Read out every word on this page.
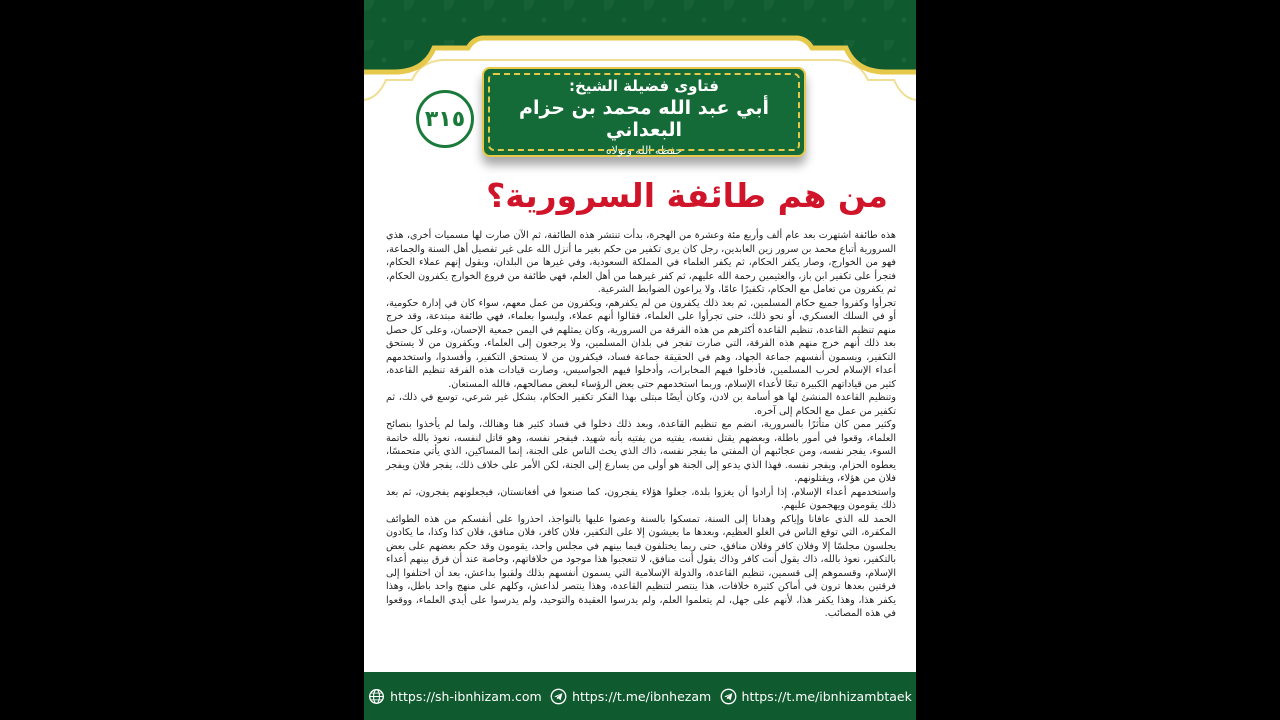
فتاوى فضيلة الشيخ:
أبي عبد الله محمد بن حزام البعداني
حفظه الله وتولاه
٣١٥
من هم طائفة السرورية؟

هذه طائفة اشتهرت بعد عام ألف وأربع مئة وعشرة من الهجرة، بدأت تنتشر هذه الطائفة، ثم الآن صارت لها مسميات أخرى، هذي السرورية أتباع محمد بن سرور زين العابدين، رجل كان يرى تكفير من حكم بغير ما أنزل الله على غير تفصيل أهل السنة والجماعة، فهو من الخوارج، وصار يكفر الحكام، ثم يكفر العلماء في المملكة السعودية، وفي غيرها من البلدان، ويقول إنهم عملاء الحكام، فتجرأ على تكفير ابن باز، والعثيمين رحمة الله عليهم، ثم كفر غيرهما من أهل العلم، فهي طائفة من فروع الخوارج يكفرون الحكام، ثم يكفرون من تعامل مع الحكام، تكفيرًا عامًا، ولا يراعون الضوابط الشرعية.

تجرأوا وكفروا جميع حكام المسلمين، ثم بعد ذلك يكفرون من لم يكفرهم، ويكفرون من عمل معهم، سواء كان في إدارة حكومية، أو في السلك العسكري، أو نحو ذلك، حتى تجرأوا على العلماء، فقالوا أنهم عملاء، وليسوا بعلماء، فهي طائفة مبتدعة، وقد خرج منهم تنظيم القاعدة، تنظيم القاعدة أكثرهم من هذه الفرقة من السرورية، وكان يمثلهم في اليمن جمعية الإحسان، وعلى كل حصل بعد ذلك أنهم خرج منهم هذه الفرقة، التي صارت تفجر في بلدان المسلمين، ولا يرجعون إلى العلماء، ويكفرون من لا يستحق التكفير، ويسمون أنفسهم جماعة الجهاد، وهم في الحقيقة جماعة فساد، فيكفرون من لا يستحق التكفير، وأفسدوا، واستخدمهم أعداء الإسلام لحرب المسلمين، فأدخلوا فيهم المخابرات، وأدخلوا فيهم الجواسيس، وصارت قيادات هذه الفرقة تنظيم القاعدة، كثير من قياداتهم الكبيرة تبعًا لأعداء الإسلام، وربما استخدمهم حتى بعض الرؤساء لبعض مصالحهم، فالله المستعان.

وتنظيم القاعدة المنشئ لها هو أسامة بن لادن، وكان أيضًا مبتلى بهذا الفكر تكفير الحكام، بشكل غير شرعي، توسع في ذلك، ثم تكفير من عمل مع الحكام إلى آخره.

وكثير ممن كان متأثرًا بالسرورية، انضم مع تنظيم القاعدة، وبعد ذلك دخلوا في فساد كثير هنا وهنالك، ولما لم يأخذوا بنصائح العلماء، وقعوا في أمور باطلة، وبعضهم يقتل نفسه، يفتيه من يفتيه بأنه شهيد. فيفجر نفسه، وهو قاتل لنفسه، نعوذ بالله خاتمة السوء، يفجر نفسه، ومن عجائبهم أن المفتي ما يفجر نفسه، ذاك الذي يحث الناس على الجنة، إنما المساكين، الذي يأتي متحمسًا، يعطوه الحزام، ويفجر نفسه. فهذا الذي يدعو إلى الجنة هو أولى من يسارع إلى الجنة، لكن الأمر على خلاف ذلك، يفجر فلان ويفجر فلان من هؤلاء، ويقتلونهم.

واستخدمهم أعداء الإسلام، إذا أرادوا أن يغزوا بلدة، جعلوا هؤلاء يفجرون، كما صنعوا في أفغانستان، فيجعلونهم يفجرون، ثم بعد ذلك يقومون ويهجمون عليهم.

الحمد لله الذي عافانا وإياكم وهدانا إلى السنة، تمسكوا بالسنة وعضوا عليها بالنواجذ، احذروا على أنفسكم من هذه الطوائف المكفرة، التي توقع الناس في الغلو العظيم، وبعدها ما يعيشون إلا على التكفير، فلان كافر، فلان منافق، فلان كذا وكذا، ما يكادون يجلسون مجلسًا إلا وفلان كافر وفلان منافق، حتى ربما يختلفون فيما بينهم في مجلس واحد، يقومون وقد حكم بعضهم على بعض بالتكفير، نعوذ بالله، ذاك يقول أنت كافر وذاك يقول أنت منافق، لا تتعجبوا هذا موجود من خلافاتهم، وخاصة عند أن فرق بينهم أعداء الإسلام، وقسموهم إلى قسمين، تنظيم القاعدة، والدولة الإسلامية التي يسمون أنفسهم بذلك ولقبوا بداعش، بعد أن اختلفوا إلى فرقتين بعدها ترون في أماكن كثيرة خلافات، هذا ينتصر لتنظيم القاعدة، وهذا ينتصر لداعش، وكلهم على منهج واحد باطل، وهذا يكفر هذا، وهذا يكفر هذا، لأنهم على جهل، لم يتعلموا العلم، ولم يدرسوا العقيدة والتوحيد، ولم يدرسوا على أيدي العلماء، ووقعوا في هذه المصائب.

https://sh-ibnhizam.com https://t.me/ibnhezam https://t.me/ibnhizambtaek
